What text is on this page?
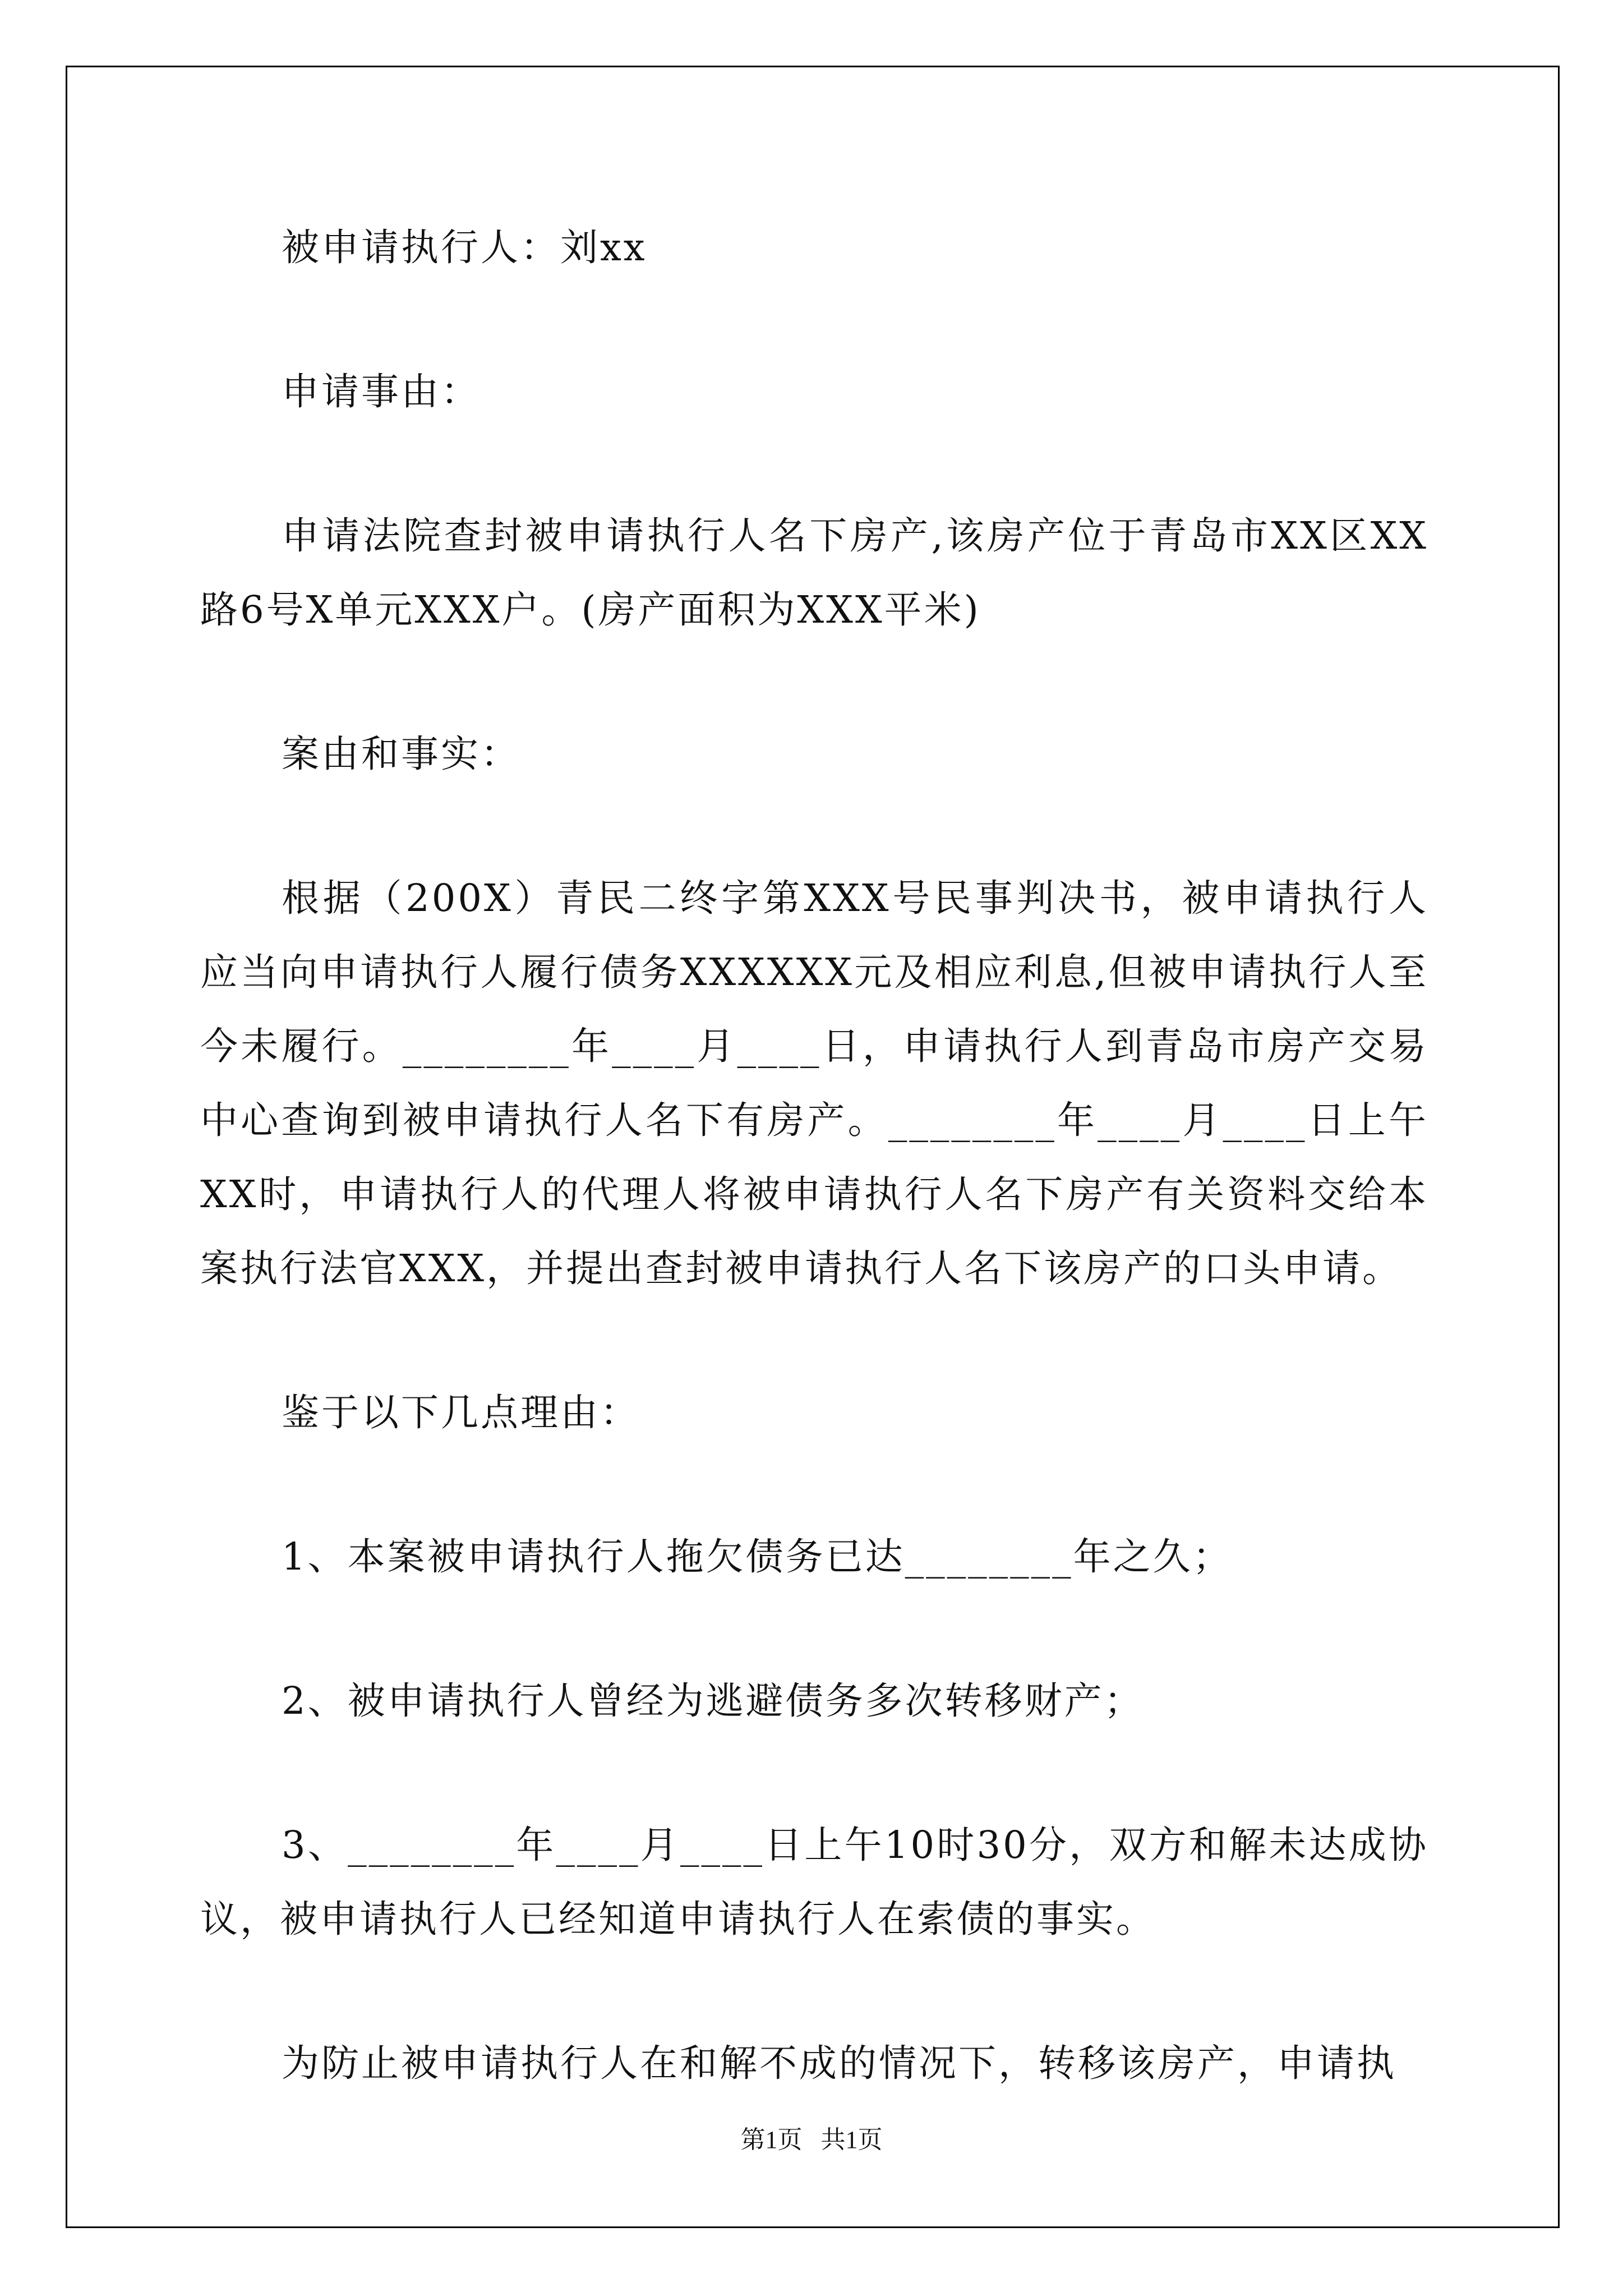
被申请执行人：刘xx

申请事由：

申请法院查封被申请执行人名下房产,该房产位于青岛市XX区XX路6号X单元XXX户。(房产面积为XXX平米)

案由和事实：

根据（200X）青民二终字第XXX号民事判决书，被申请执行人应当向申请执行人履行债务XXXXXX元及相应利息,但被申请执行人至今未履行。________年____月____日，申请执行人到青岛市房产交易中心查询到被申请执行人名下有房产。________年____月____日上午XX时，申请执行人的代理人将被申请执行人名下房产有关资料交给本案执行法官XXX，并提出查封被申请执行人名下该房产的口头申请。

鉴于以下几点理由：

1、本案被申请执行人拖欠债务已达________年之久；

2、被申请执行人曾经为逃避债务多次转移财产；

3、________年____月____日上午10时30分，双方和解未达成协议，被申请执行人已经知道申请执行人在索债的事实。

为防止被申请执行人在和解不成的情况下，转移该房产，申请执

第1页   共1页
